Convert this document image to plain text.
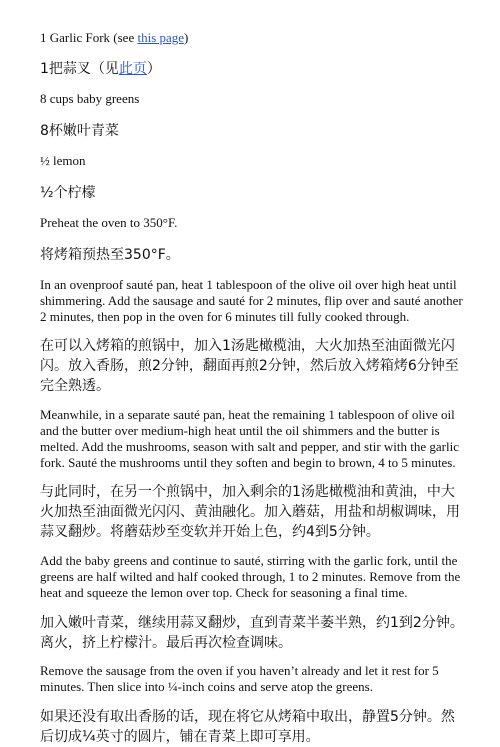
1 Garlic Fork (see this page)

1把蒜叉（见此页）

8 cups baby greens

8杯嫩叶青菜

½ lemon

½个柠檬

Preheat the oven to 350°F.

将烤箱预热至350°F。

In an ovenproof sauté pan, heat 1 tablespoon of the olive oil over high heat until shimmering. Add the sausage and sauté for 2 minutes, flip over and sauté another 2 minutes, then pop in the oven for 6 minutes till fully cooked through.

在可以入烤箱的煎锅中，加入1汤匙橄榄油，大火加热至油面微光闪闪。放入香肠，煎2分钟，翻面再煎2分钟，然后放入烤箱烤6分钟至完全熟透。

Meanwhile, in a separate sauté pan, heat the remaining 1 tablespoon of olive oil and the butter over medium-high heat until the oil shimmers and the butter is melted. Add the mushrooms, season with salt and pepper, and stir with the garlic fork. Sauté the mushrooms until they soften and begin to brown, 4 to 5 minutes.

与此同时，在另一个煎锅中，加入剩余的1汤匙橄榄油和黄油，中大火加热至油面微光闪闪、黄油融化。加入蘑菇，用盐和胡椒调味，用蒜叉翻炒。将蘑菇炒至变软并开始上色，约4到5分钟。

Add the baby greens and continue to sauté, stirring with the garlic fork, until the greens are half wilted and half cooked through, 1 to 2 minutes. Remove from the heat and squeeze the lemon over top. Check for seasoning a final time.

加入嫩叶青菜，继续用蒜叉翻炒，直到青菜半萎半熟，约1到2分钟。离火，挤上柠檬汁。最后再次检查调味。

Remove the sausage from the oven if you haven’t already and let it rest for 5 minutes. Then slice into ¼-inch coins and serve atop the greens.

如果还没有取出香肠的话，现在将它从烤箱中取出，静置5分钟。然后切成¼英寸的圆片，铺在青菜上即可享用。
